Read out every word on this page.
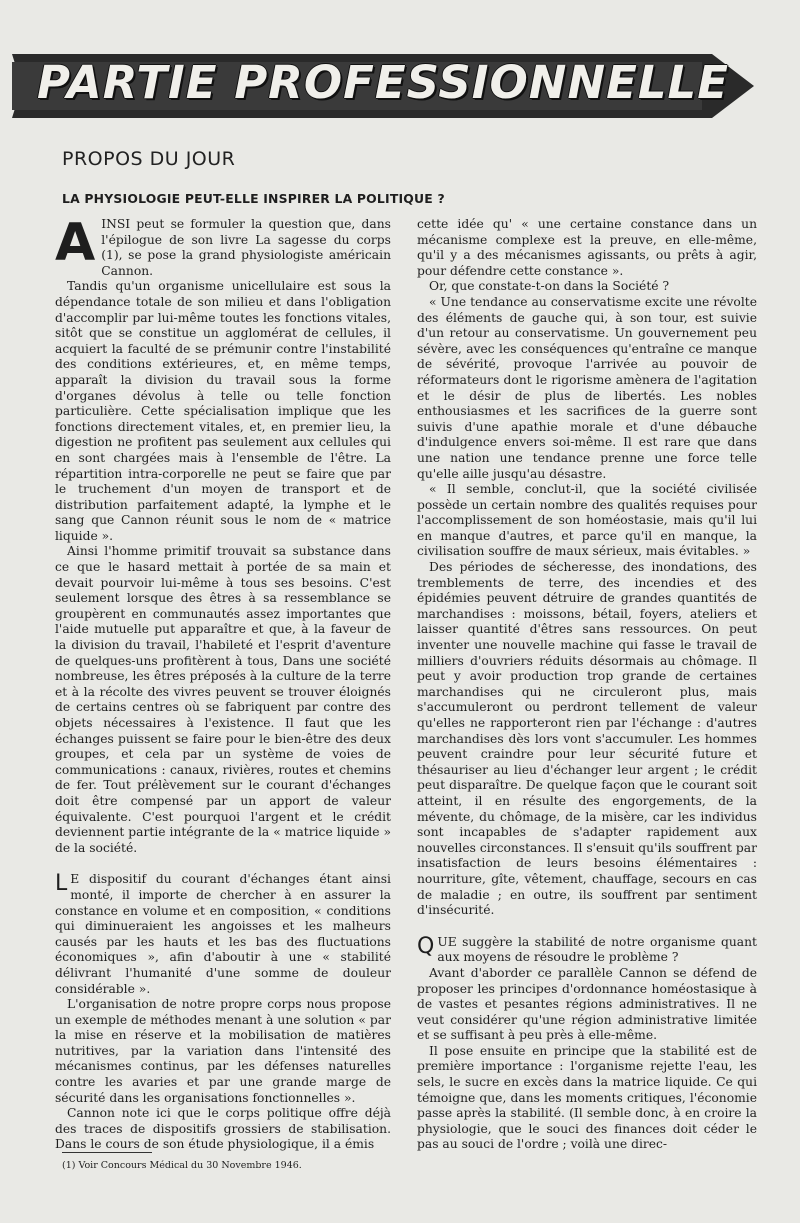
PARTIE PROFESSIONNELLE
PROPOS DU JOUR
LA PHYSIOLOGIE PEUT-ELLE INSPIRER LA POLITIQUE ?

AINSI peut se formuler la question que, dans l'épilogue de son livre La sagesse du corps (1), se pose la grand physiologiste américain Cannon.

Tandis qu'un organisme unicellulaire est sous la dépendance totale de son milieu et dans l'obligation d'accomplir par lui-même toutes les fonctions vitales, sitôt que se constitue un agglomérat de cellules, il acquiert la faculté de se prémunir contre l'instabilité des conditions extérieures, et, en même temps, apparaît la division du travail sous la forme d'organes dévolus à telle ou telle fonction particulière. Cette spécialisation implique que les fonctions directement vitales, et, en premier lieu, la digestion ne profitent pas seulement aux cellules qui en sont chargées mais à l'ensemble de l'être. La répartition intra-corporelle ne peut se faire que par le truchement d'un moyen de transport et de distribution parfaitement adapté, la lymphe et le sang que Cannon réunit sous le nom de « matrice liquide ».

Ainsi l'homme primitif trouvait sa substance dans ce que le hasard mettait à portée de sa main et devait pourvoir lui-même à tous ses besoins. C'est seulement lorsque des êtres à sa ressemblance se groupèrent en communautés assez importantes que l'aide mutuelle put apparaître et que, à la faveur de la division du travail, l'habileté et l'esprit d'aventure de quelques-uns profitèrent à tous, Dans une société nombreuse, les êtres préposés à la culture de la terre et à la récolte des vivres peuvent se trouver éloignés de certains centres où se fabriquent par contre des objets nécessaires à l'existence. Il faut que les échanges puissent se faire pour le bien-être des deux groupes, et cela par un système de voies de communications : canaux, rivières, routes et chemins de fer. Tout prélèvement sur le courant d'échanges doit être compensé par un apport de valeur équivalente. C'est pourquoi l'argent et le crédit deviennent partie intégrante de la « matrice liquide » de la société.

L E dispositif du courant d'échanges étant ainsi monté, il importe de chercher à en assurer la constance en volume et en composition, « conditions qui diminueraient les angoisses et les malheurs causés par les hauts et les bas des fluctuations économiques », afin d'aboutir à une « stabilité délivrant l'humanité d'une somme de douleur considérable ».

L'organisation de notre propre corps nous propose un exemple de méthodes menant à une solution « par la mise en réserve et la mobilisation de matières nutritives, par la variation dans l'intensité des mécanismes continus, par les défenses naturelles contre les avaries et par une grande marge de sécurité dans les organisations fonctionnelles ».

Cannon note ici que le corps politique offre déjà des traces de dispositifs grossiers de stabilisation. Dans le cours de son étude physiologique, il a émis

cette idée qu' « une certaine constance dans un mécanisme complexe est la preuve, en elle-même, qu'il y a des mécanismes agissants, ou prêts à agir, pour défendre cette constance ».

Or, que constate-t-on dans la Société ?

« Une tendance au conservatisme excite une révolte des éléments de gauche qui, à son tour, est suivie d'un retour au conservatisme. Un gouvernement peu sévère, avec les conséquences qu'entraîne ce manque de sévérité, provoque l'arrivée au pouvoir de réformateurs dont le rigorisme amènera de l'agitation et le désir de plus de libertés. Les nobles enthousiasmes et les sacrifices de la guerre sont suivis d'une apathie morale et d'une débauche d'indulgence envers soi-même. Il est rare que dans une nation une tendance prenne une force telle qu'elle aille jusqu'au désastre.

« Il semble, conclut-il, que la société civilisée possède un certain nombre des qualités requises pour l'accomplissement de son homéostasie, mais qu'il lui en manque d'autres, et parce qu'il en manque, la civilisation souffre de maux sérieux, mais évitables. »

Des périodes de sécheresse, des inondations, des tremblements de terre, des incendies et des épidémies peuvent détruire de grandes quantités de marchandises : moissons, bétail, foyers, ateliers et laisser quantité d'êtres sans ressources. On peut inventer une nouvelle machine qui fasse le travail de milliers d'ouvriers réduits désormais au chômage. Il peut y avoir production trop grande de certaines marchandises qui ne circuleront plus, mais s'accumuleront ou perdront tellement de valeur qu'elles ne rapporteront rien par l'échange : d'autres marchandises dès lors vont s'accumuler. Les hommes peuvent craindre pour leur sécurité future et thésauriser au lieu d'échanger leur argent ; le crédit peut disparaître. De quelque façon que le courant soit atteint, il en résulte des engorgements, de la mévente, du chômage, de la misère, car les individus sont incapables de s'adapter rapidement aux nouvelles circonstances. Il s'ensuit qu'ils souffrent par insatisfaction de leurs besoins élémentaires : nourriture, gîte, vêtement, chauffage, secours en cas de maladie ; en outre, ils souffrent par sentiment d'insécurité.

QUE suggère la stabilité de notre organisme quant aux moyens de résoudre le problème ?

Avant d'aborder ce parallèle Cannon se défend de proposer les principes d'ordonnance homéostasique à de vastes et pesantes régions administratives. Il ne veut considérer qu'une région administrative limitée et se suffisant à peu près à elle-même.

Il pose ensuite en principe que la stabilité est de première importance : l'organisme rejette l'eau, les sels, le sucre en excès dans la matrice liquide. Ce qui témoigne que, dans les moments critiques, l'économie passe après la stabilité. (Il semble donc, à en croire la physiologie, que le souci des finances doit céder le pas au souci de l'ordre ; voilà une direc-

(1) Voir Concours Médical du 30 Novembre 1946.
